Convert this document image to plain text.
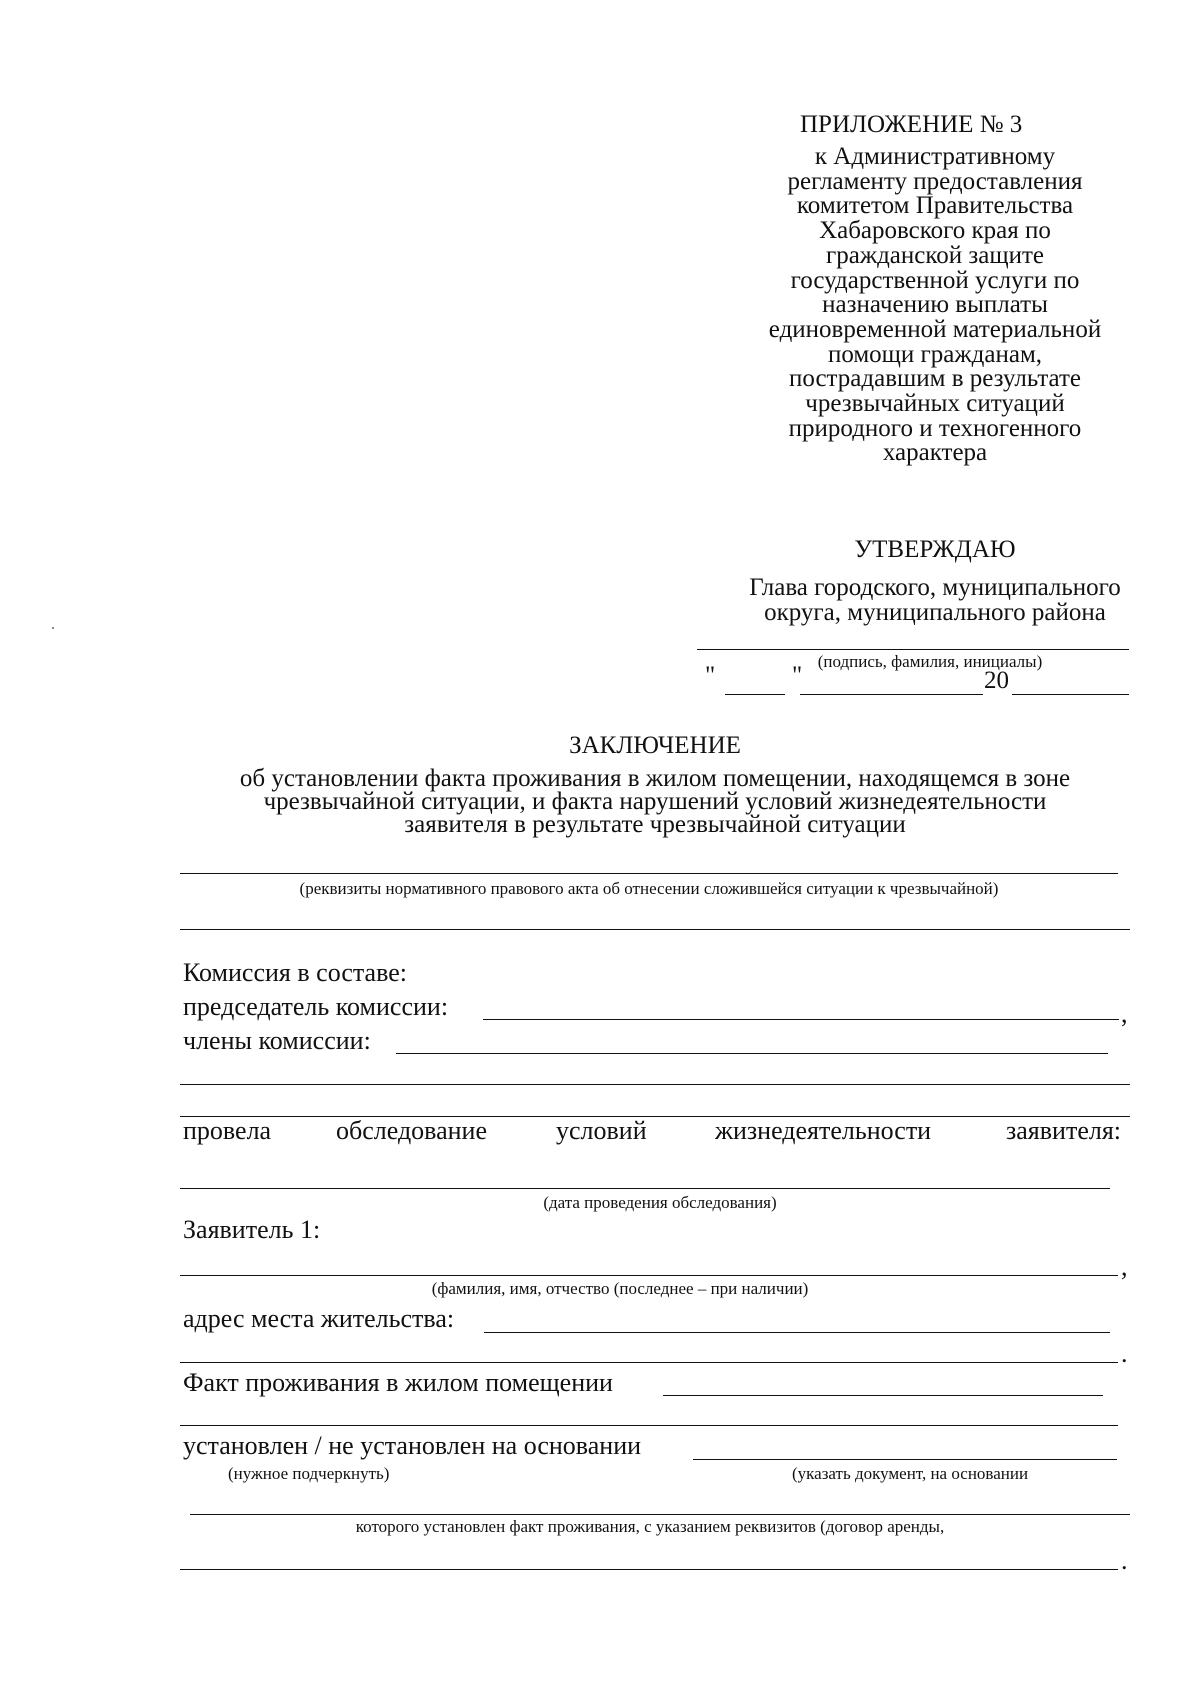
ПРИЛОЖЕНИЕ № 3
к Административному
регламенту предоставления
комитетом Правительства
Хабаровского края по
гражданской защите
государственной услуги по
назначению выплаты
единовременной материальной
помощи гражданам,
пострадавшим в результате
чрезвычайных ситуаций
природного и техногенного
характера
УТВЕРЖДАЮ
Глава городского, муниципального
округа, муниципального района
(подпись, фамилия, инициалы)
"	"	20
ЗАКЛЮЧЕНИЕ
об установлении факта проживания в жилом помещении, находящемся в зоне
чрезвычайной ситуации, и факта нарушений условий жизнедеятельности
заявителя в результате чрезвычайной ситуации
(реквизиты нормативного правового акта об отнесении сложившейся ситуации к чрезвычайной)
Комиссия в составе:
председатель комиссии:	,
члены комиссии:
провела обследование	условий	жизнедеятельности	заявителя:
(дата проведения обследования)
Заявитель 1:
,
(фамилия, имя, отчество (последнее – при наличии)
адрес места жительства:
.
Факт проживания в жилом помещении
установлен / не установлен на основании
(нужное подчеркнуть)	(указать документ, на основании
которого установлен факт проживания, с указанием реквизитов (договор аренды,
.
